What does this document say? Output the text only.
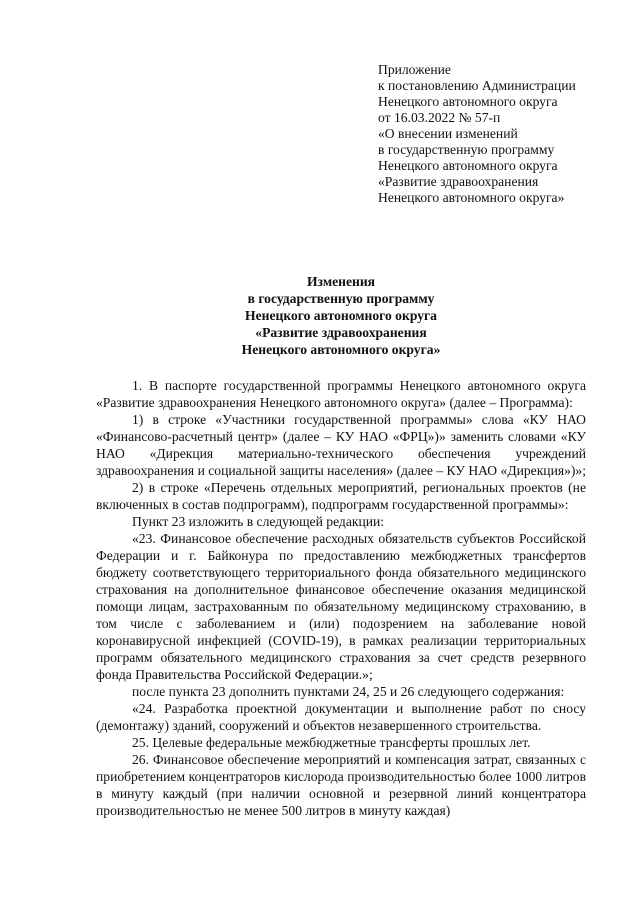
Приложение
к постановлению Администрации
Ненецкого автономного округа
от 16.03.2022 № 57-п
«О внесении изменений
в государственную программу
Ненецкого автономного округа
«Развитие здравоохранения
Ненецкого автономного округа»
Изменения
в государственную программу
Ненецкого автономного округа
«Развитие здравоохранения
Ненецкого автономного округа»

1. В паспорте государственной программы Ненецкого автономного округа «Развитие здравоохранения Ненецкого автономного округа» (далее – Программа):

1) в строке «Участники государственной программы» слова «КУ НАО «Финансово-расчетный центр» (далее – КУ НАО «ФРЦ»)» заменить словами «КУ НАО «Дирекция материально-технического обеспечения учреждений здравоохранения и социальной защиты населения» (далее – КУ НАО «Дирекция»)»;

2) в строке «Перечень отдельных мероприятий, региональных проектов (не включенных в состав подпрограмм), подпрограмм государственной программы»:

Пункт 23 изложить в следующей редакции:

«23. Финансовое обеспечение расходных обязательств субъектов Российской Федерации и г. Байконура по предоставлению межбюджетных трансфертов бюджету соответствующего территориального фонда обязательного медицинского страхования на дополнительное финансовое обеспечение оказания медицинской помощи лицам, застрахованным по обязательному медицинскому страхованию, в том числе с заболеванием и (или) подозрением на заболевание новой коронавирусной инфекцией (COVID-19), в рамках реализации территориальных программ обязательного медицинского страхования за счет средств резервного фонда Правительства Российской Федерации.»;

после пункта 23 дополнить пунктами 24, 25 и 26 следующего содержания:

«24. Разработка проектной документации и выполнение работ по сносу (демонтажу) зданий, сооружений и объектов незавершенного строительства.

25. Целевые федеральные межбюджетные трансферты прошлых лет.

26. Финансовое обеспечение мероприятий и компенсация затрат, связанных с приобретением концентраторов кислорода производительностью более 1000 литров в минуту каждый (при наличии основной и резервной линий концентратора производительностью не менее 500 литров в минуту каждая)
